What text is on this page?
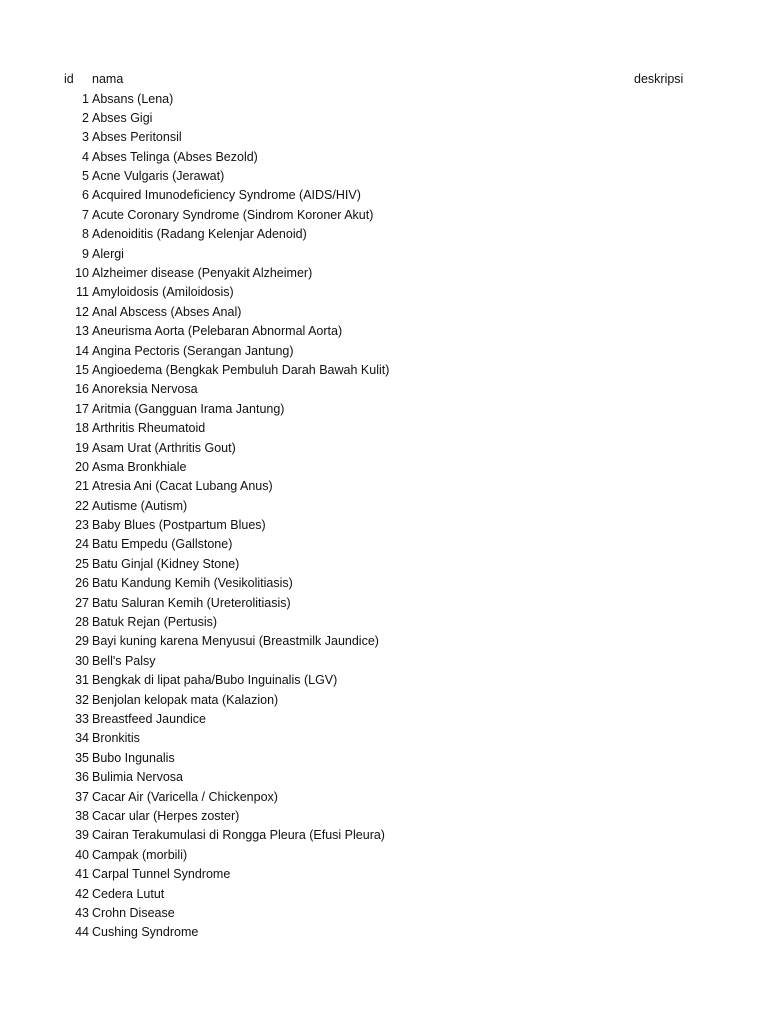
id nama	deskripsi
1 Absans (Lena)
2 Abses Gigi
3 Abses Peritonsil
4 Abses Telinga (Abses Bezold)
5 Acne Vulgaris (Jerawat)
6 Acquired Imunodeficiency Syndrome (AIDS/HIV)
7 Acute Coronary Syndrome (Sindrom Koroner Akut)
8 Adenoiditis (Radang Kelenjar Adenoid)
9 Alergi
10 Alzheimer disease (Penyakit Alzheimer)
11 Amyloidosis (Amiloidosis)
12 Anal Abscess (Abses Anal)
13 Aneurisma Aorta (Pelebaran Abnormal Aorta)
14 Angina Pectoris (Serangan Jantung)
15 Angioedema (Bengkak Pembuluh Darah Bawah Kulit)
16 Anoreksia Nervosa
17 Aritmia (Gangguan Irama Jantung)
18 Arthritis Rheumatoid
19 Asam Urat (Arthritis Gout)
20 Asma Bronkhiale
21 Atresia Ani (Cacat Lubang Anus)
22 Autisme (Autism)
23 Baby Blues (Postpartum Blues)
24 Batu Empedu (Gallstone)
25 Batu Ginjal (Kidney Stone)
26 Batu Kandung Kemih (Vesikolitiasis)
27 Batu Saluran Kemih (Ureterolitiasis)
28 Batuk Rejan (Pertusis)
29 Bayi kuning karena Menyusui (Breastmilk Jaundice)
30 Bell's Palsy
31 Bengkak di lipat paha/Bubo Inguinalis (LGV)
32 Benjolan kelopak mata (Kalazion)
33 Breastfeed Jaundice
34 Bronkitis
35 Bubo Ingunalis
36 Bulimia Nervosa
37 Cacar Air (Varicella / Chickenpox)
38 Cacar ular (Herpes zoster)
39 Cairan Terakumulasi di Rongga Pleura (Efusi Pleura)
40 Campak (morbili)
41 Carpal Tunnel Syndrome
42 Cedera Lutut
43 Crohn Disease
44 Cushing Syndrome
